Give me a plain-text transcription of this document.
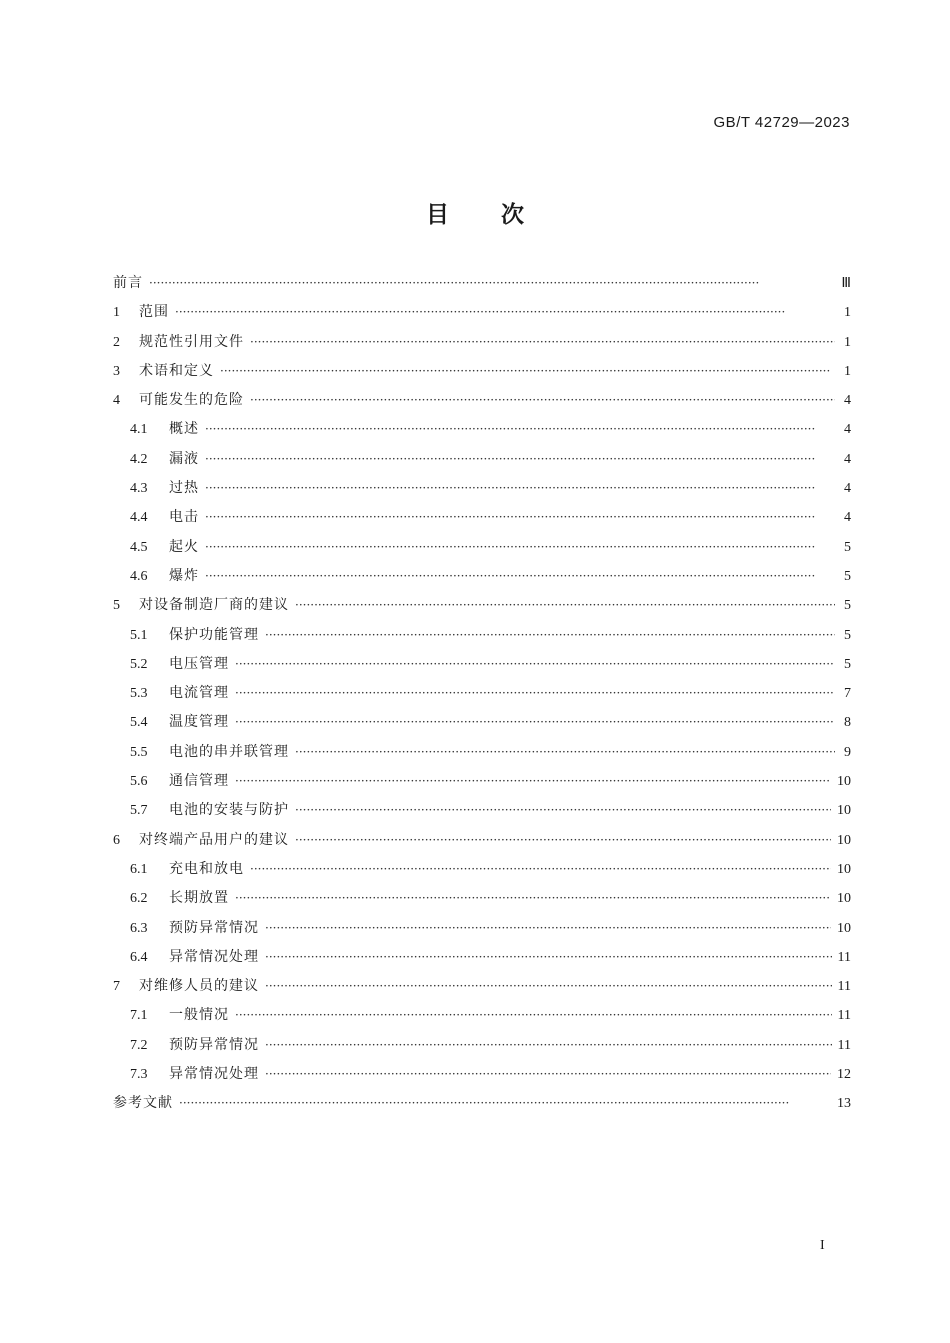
GB/T 42729—2023
目次
前言 ·····	Ⅲ
1	范围 ·····	1
2	规范性引用文件 ·····	1
3	术语和定义 ·····	1
4	可能发生的危险 ·····	4
4.1	概述 ·····	4
4.2	漏液 ·····	4
4.3	过热 ·····	4
4.4	电击 ·····	4
4.5	起火 ·····	5
4.6	爆炸 ·····	5
5	对设备制造厂商的建议 ·····	5
5.1	保护功能管理 ·····	5
5.2	电压管理 ·····	5
5.3	电流管理 ·····	7
5.4	温度管理 ·····	8
5.5	电池的串并联管理 ·····	9
5.6	通信管理 ·····	10
5.7	电池的安装与防护 ·····	10
6	对终端产品用户的建议 ·····	10
6.1	充电和放电 ·····	10
6.2	长期放置 ·····	10
6.3	预防异常情况 ·····	10
6.4	异常情况处理 ·····	11
7	对维修人员的建议 ·····	11
7.1	一般情况 ·····	11
7.2	预防异常情况 ·····	11
7.3	异常情况处理 ·····	12
参考文献 ·····	13
I
